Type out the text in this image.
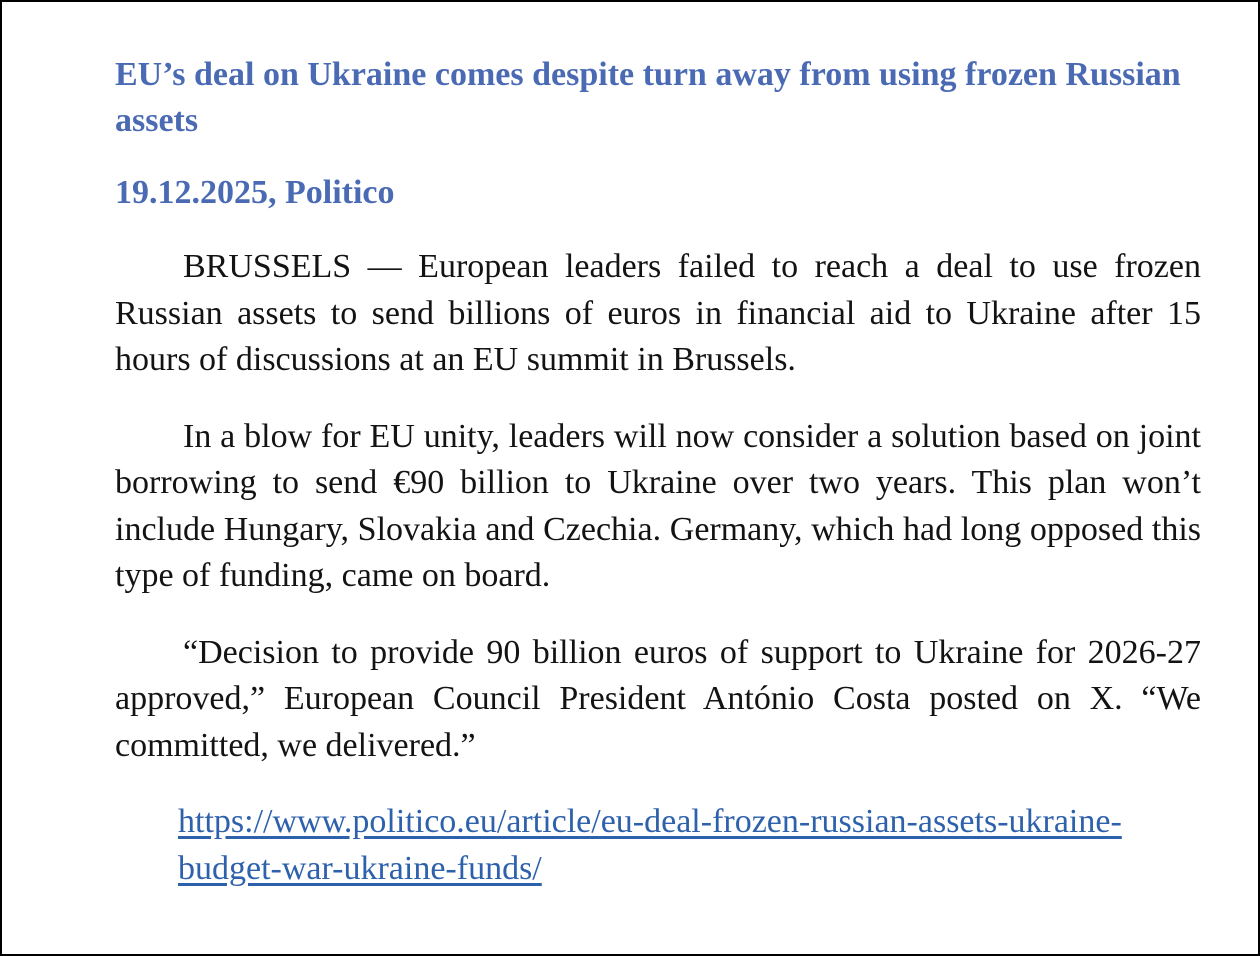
EU’s deal on Ukraine comes despite turn away from using frozen Russian assets
19.12.2025, Politico

BRUSSELS — European leaders failed to reach a deal to use frozen Russian assets to send billions of euros in financial aid to Ukraine after 15 hours of discussions at an EU summit in Brussels.

In a blow for EU unity, leaders will now consider a solution based on joint borrowing to send €90 billion to Ukraine over two years. This plan won’t include Hungary, Slovakia and Czechia. Germany, which had long opposed this type of funding, came on board.

“Decision to provide 90 billion euros of support to Ukraine for 2026-27 approved,” European Council President António Costa posted on X. “We committed, we delivered.”

https://www.politico.eu/article/eu-deal-frozen-russian-assets-ukraine-budget-war-ukraine-funds/
